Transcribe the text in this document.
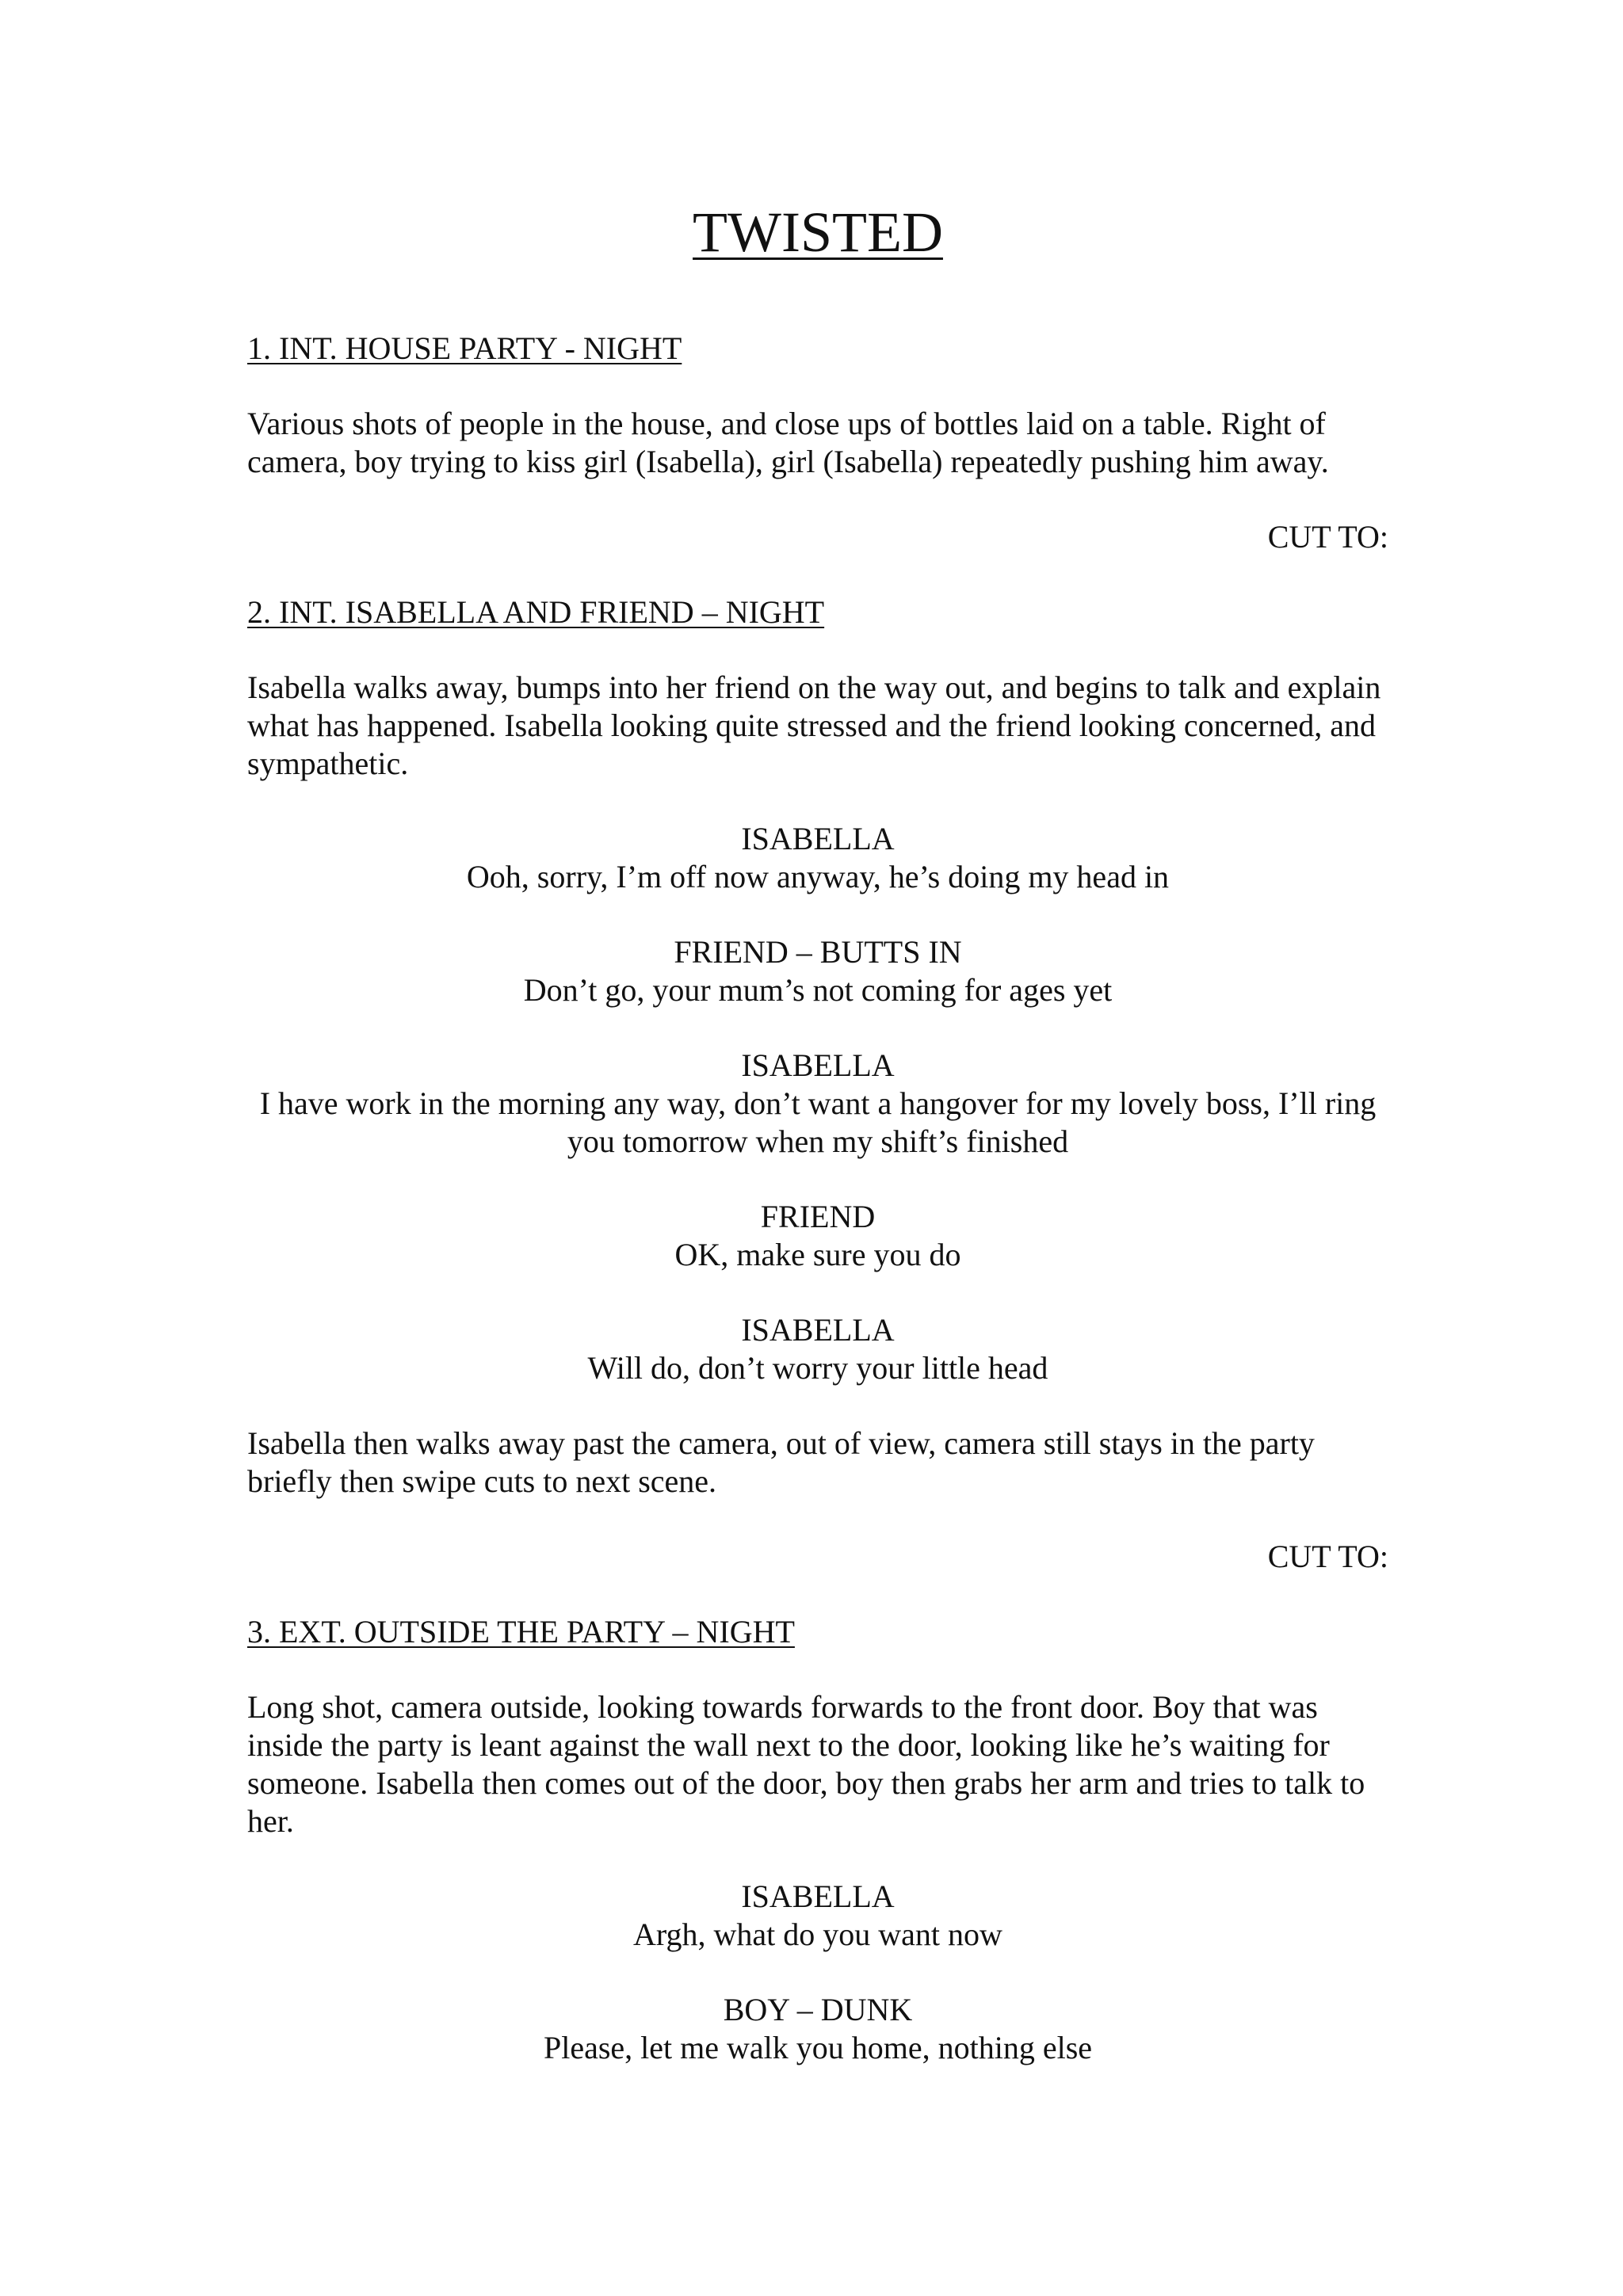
TWISTED
1. INT. HOUSE PARTY - NIGHT
Various shots of people in the house, and close ups of bottles laid on a table. Right of camera, boy trying to kiss girl (Isabella), girl (Isabella) repeatedly pushing him away.
CUT TO:
2. INT. ISABELLA AND FRIEND – NIGHT
Isabella walks away, bumps into her friend on the way out, and begins to talk and explain what has happened. Isabella looking quite stressed and the friend looking concerned, and sympathetic.
ISABELLA
Ooh, sorry, I’m off now anyway, he’s doing my head in
FRIEND – BUTTS IN
Don’t go, your mum’s not coming for ages yet
ISABELLA
I have work in the morning any way, don’t want a hangover for my lovely boss, I’ll ring you tomorrow when my shift’s finished
FRIEND
OK, make sure you do
ISABELLA
Will do, don’t worry your little head
Isabella then walks away past the camera, out of view, camera still stays in the party briefly then swipe cuts to next scene.
CUT TO:
3. EXT. OUTSIDE THE PARTY – NIGHT
Long shot, camera outside, looking towards forwards to the front door. Boy that was inside the party is leant against the wall next to the door, looking like he’s waiting for someone. Isabella then comes out of the door, boy then grabs her arm and tries to talk to her.
ISABELLA
Argh, what do you want now
BOY – DUNK
Please, let me walk you home, nothing else
